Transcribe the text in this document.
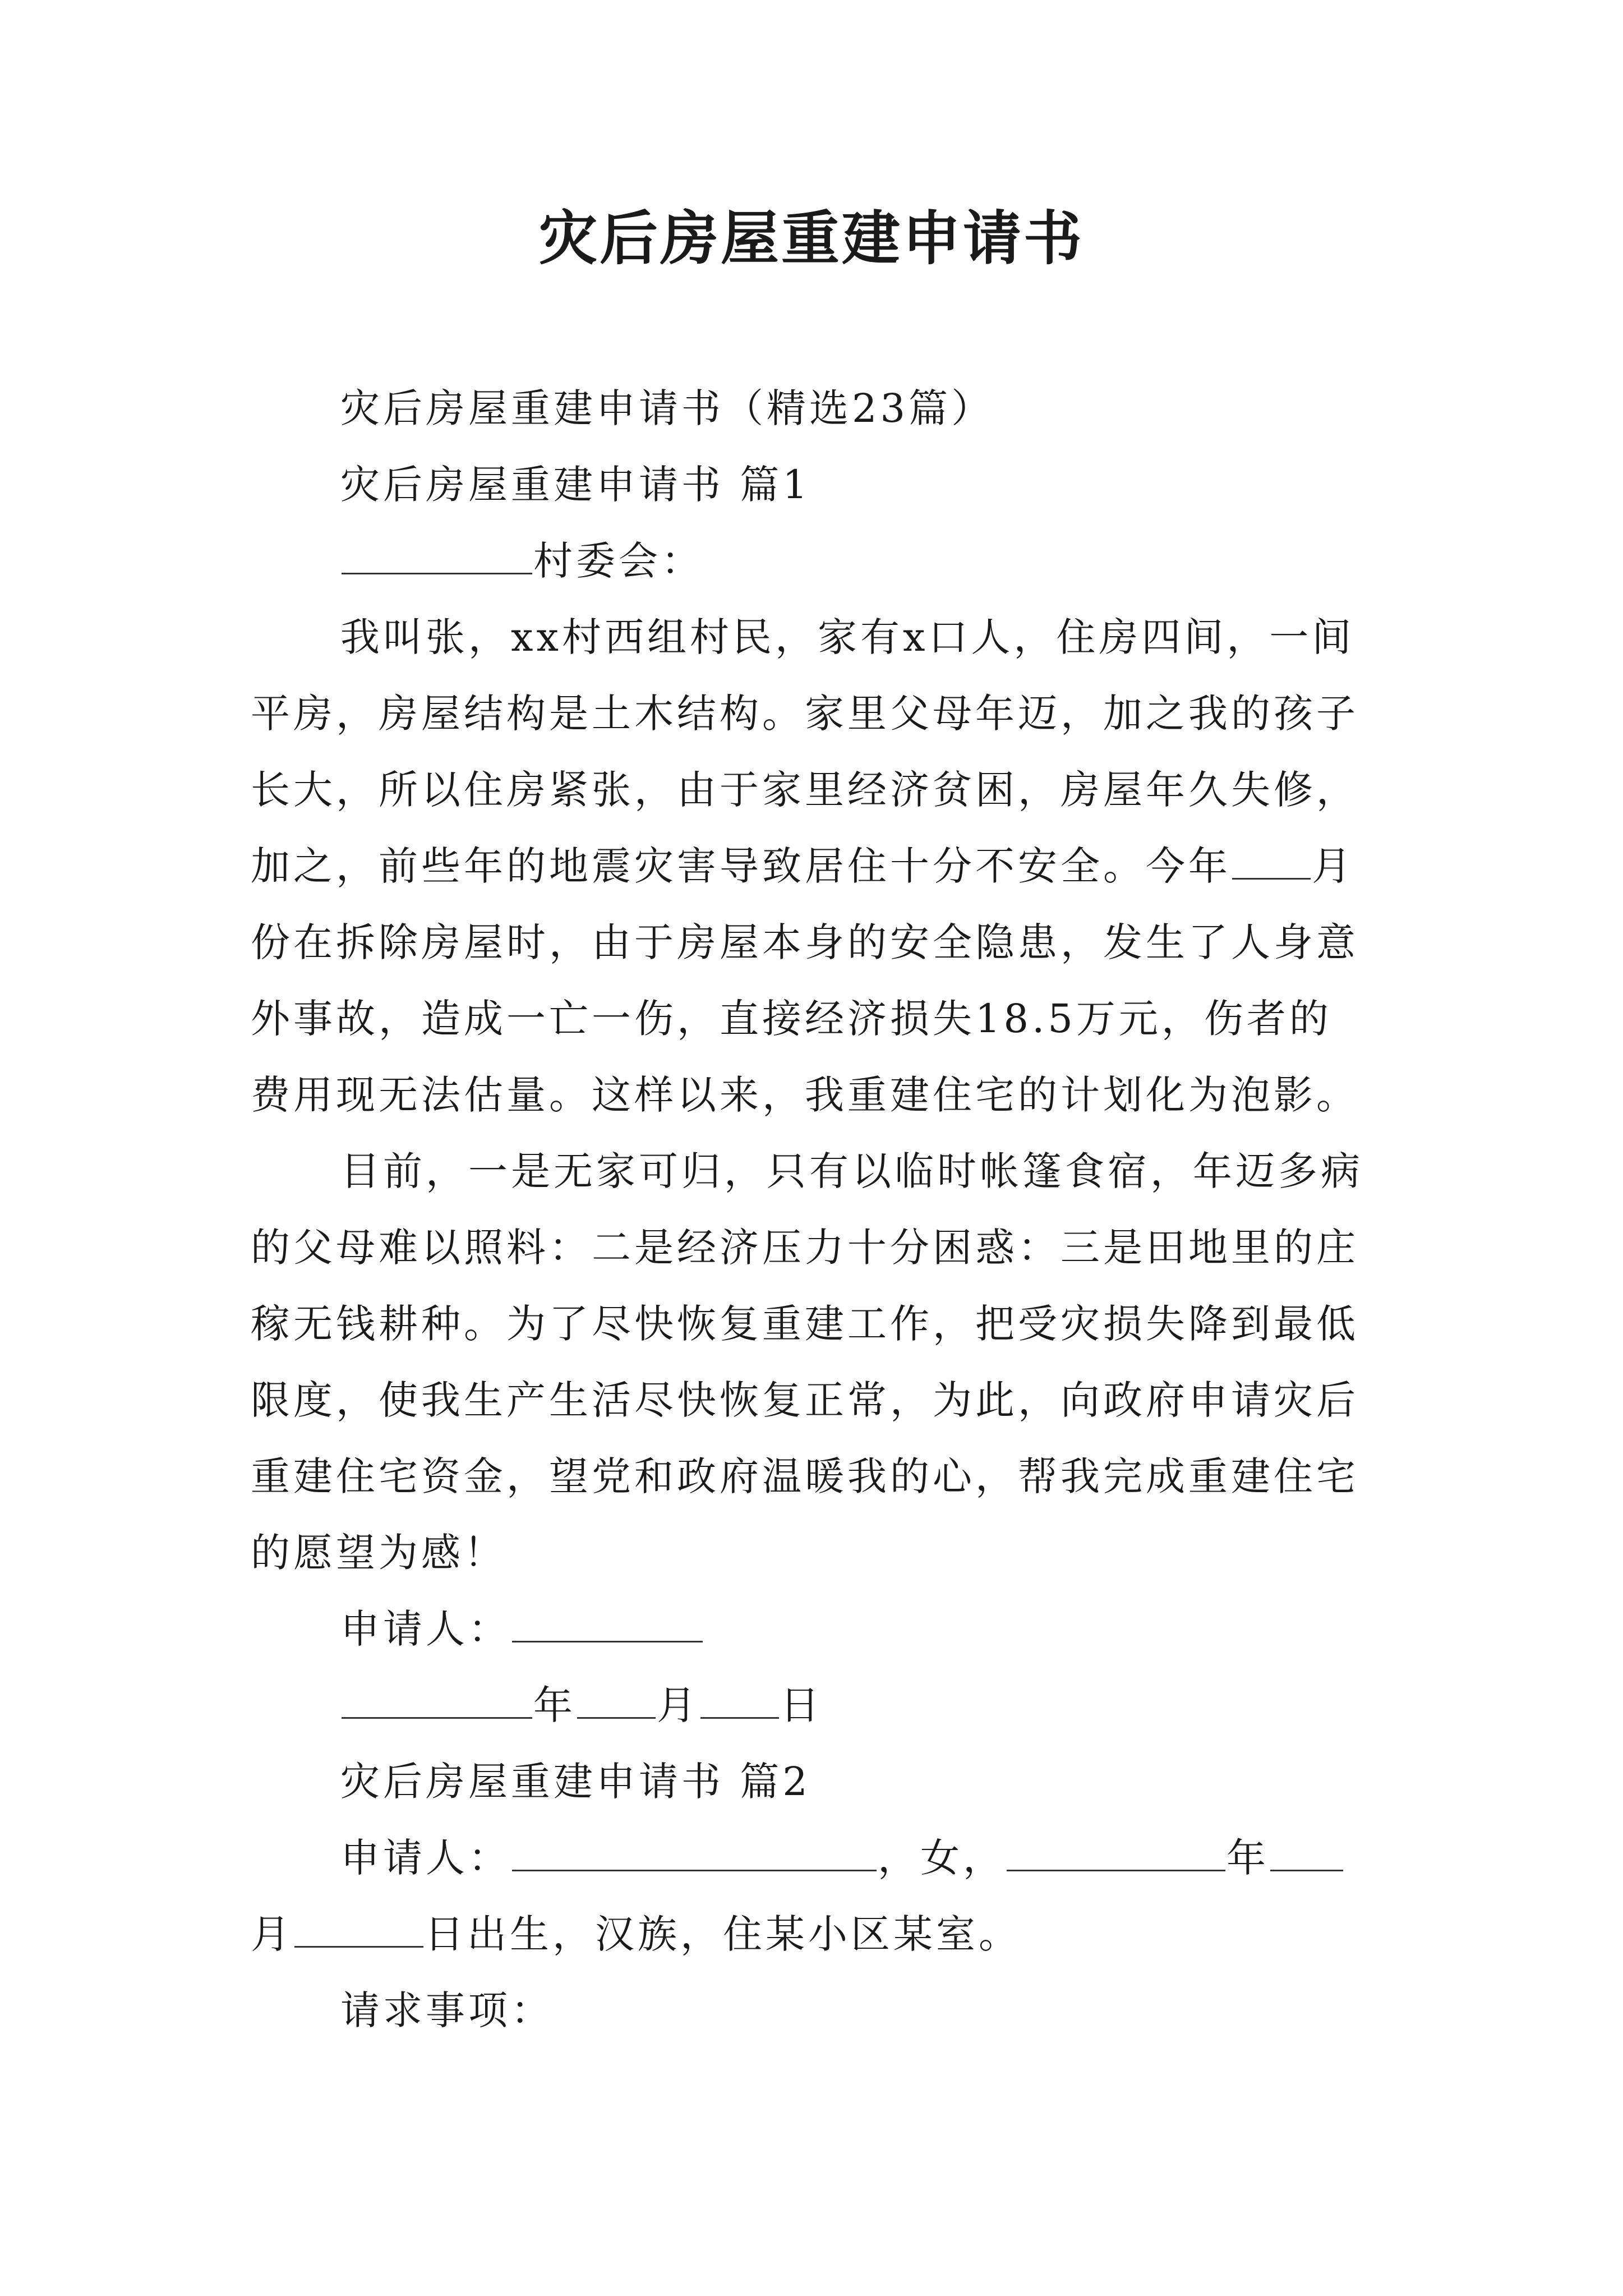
灾后房屋重建申请书
灾后房屋重建申请书（精选23篇）
灾后房屋重建申请书 篇1
村委会：
我叫张，xx村西组村民，家有x口人，住房四间，一间
平房，房屋结构是土木结构。家里父母年迈，加之我的孩子
长大，所以住房紧张，由于家里经济贫困，房屋年久失修，
加之，前些年的地震灾害导致居住十分不安全。今年 月
份在拆除房屋时，由于房屋本身的安全隐患，发生了人身意
外事故，造成一亡一伤，直接经济损失18.5万元，伤者的
费用现无法估量。这样以来，我重建住宅的计划化为泡影。
目前，一是无家可归，只有以临时帐篷食宿，年迈多病
的父母难以照料：二是经济压力十分困惑：三是田地里的庄
稼无钱耕种。为了尽快恢复重建工作，把受灾损失降到最低
限度，使我生产生活尽快恢复正常，为此，向政府申请灾后
重建住宅资金，望党和政府温暖我的心，帮我完成重建住宅
的愿望为感！
申请人：
年 月 日
灾后房屋重建申请书 篇2
申请人：	，女，	年
月	日出生，汉族，住某小区某室。
请求事项：
